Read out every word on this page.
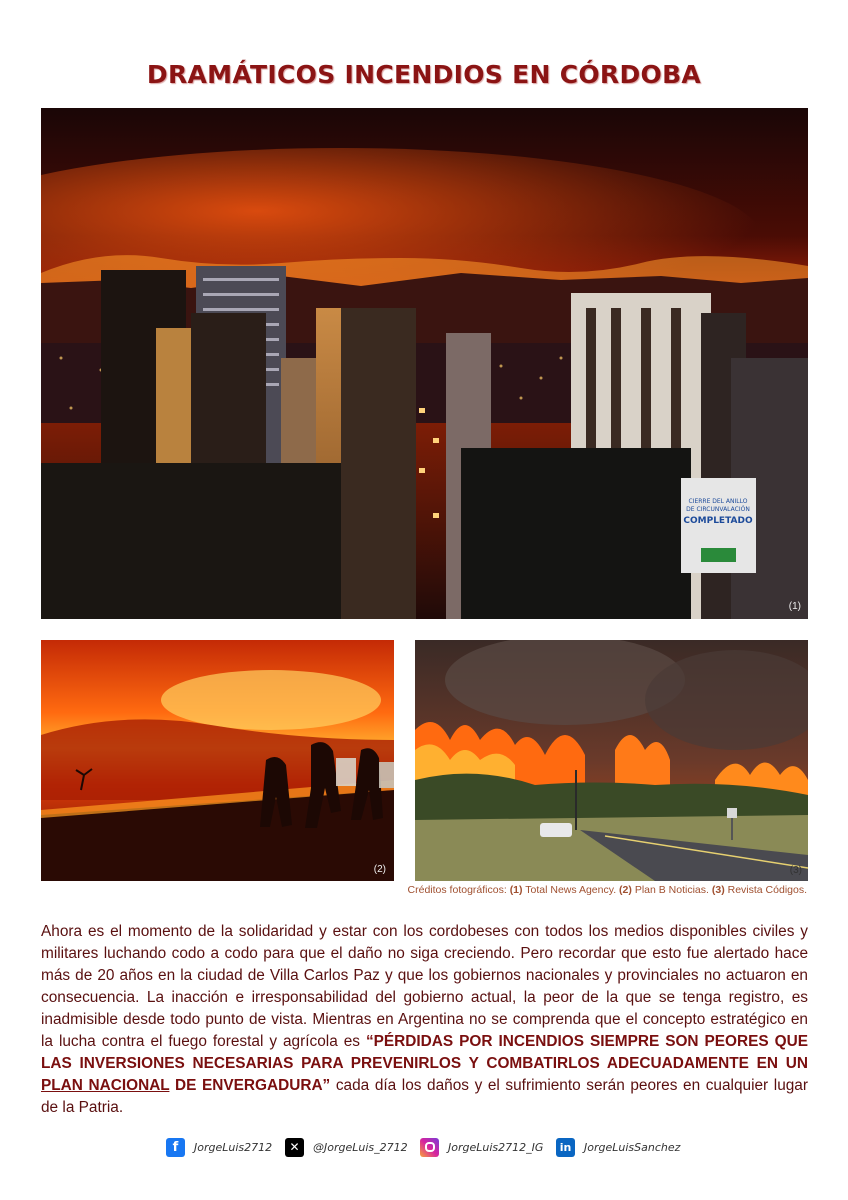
DRAMÁTICOS INCENDIOS EN CÓRDOBA
CIERRE DEL ANILLO
DE CIRCUNVALACIÓN
COMPLETADO
(1)
(2)	(3)
Créditos fotográficos: (1) Total News Agency. (2) Plan B Noticias. (3) Revista Códigos.
Ahora es el momento de la solidaridad y estar con los cordobeses con todos los medios disponibles civiles y militares luchando codo a codo para que el daño no siga creciendo. Pero recordar que esto fue alertado hace más de 20 años en la ciudad de Villa Carlos Paz y que los gobiernos nacionales y provinciales no actuaron en consecuencia. La inacción e irresponsabilidad del gobierno actual, la peor de la que se tenga registro, es inadmisible desde todo punto de vista. Mientras en Argentina no se comprenda que el concepto estratégico en la lucha contra el fuego forestal y agrícola es “PÉRDIDAS POR INCENDIOS SIEMPRE SON PEORES QUE LAS INVERSIONES NECESARIAS PARA PREVENIRLOS Y COMBATIRLOS ADECUADAMENTE EN UN PLAN NACIONAL DE ENVERGADURA” cada día los daños y el sufrimiento serán peores en cualquier lugar de la Patria.
f	JorgeLuis2712	✕	@JorgeLuis_2712	JorgeLuis2712_IG	in	JorgeLuisSanchez
